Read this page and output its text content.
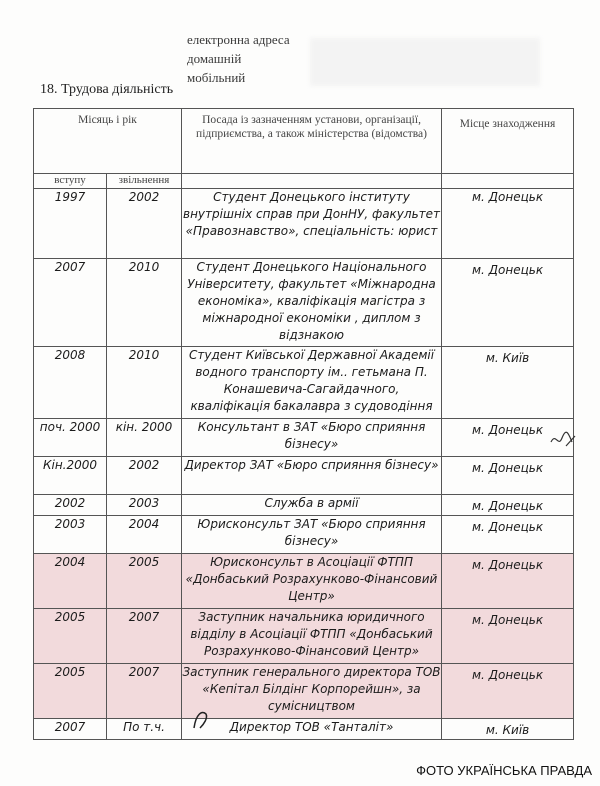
електронна адреса
домашній
мобільний
18. Трудова діяльність
Місяць і рік		Посада із зазначенням установи, організації, підприємства, а також міністерства (відомства)	Місце знаходження
вступу	звільнення		
1997	2002	Студент Донецького інституту внутрішніх справ при ДонНУ, факультет «Правознавство», спеціальність: юрист	м. Донецьк
2007	2010	Студент Донецького Національного Університету, факультет «Міжнародна економіка», кваліфікація магістра з міжнародної економіки , диплом з відзнакою	м. Донецьк
2008	2010	Студент Київської Державної Академії водного транспорту ім.. гетьмана П. Конашевича-Сагайдачного, кваліфікація бакалавра з судоводіння	м. Київ
поч. 2000	кін. 2000	Консультант в ЗАТ «Бюро сприяння бізнесу»	м. Донецьк
Кін.2000	2002	Директор ЗАТ «Бюро сприяння бізнесу»	м. Донецьк
2002	2003	Служба в армії	м. Донецьк
2003	2004	Юрисконсульт ЗАТ «Бюро сприяння бізнесу»	м. Донецьк
2004	2005	Юрисконсульт в Асоціації ФТПП «Донбаський Розрахунково-Фінансовий Центр»	м. Донецьк
2005	2007	Заступник начальника юридичного відділу в Асоціації ФТПП «Донбаський Розрахунково-Фінансовий Центр»	м. Донецьк
2005	2007	Заступник генерального директора ТОВ «Кепітал Білдінг Корпорейшн», за сумісництвом	м. Донецьк
2007	По т.ч.	Директор ТОВ «Танталіт»	м. Київ
ФОТО УКРАЇНСЬКА ПРАВДА
